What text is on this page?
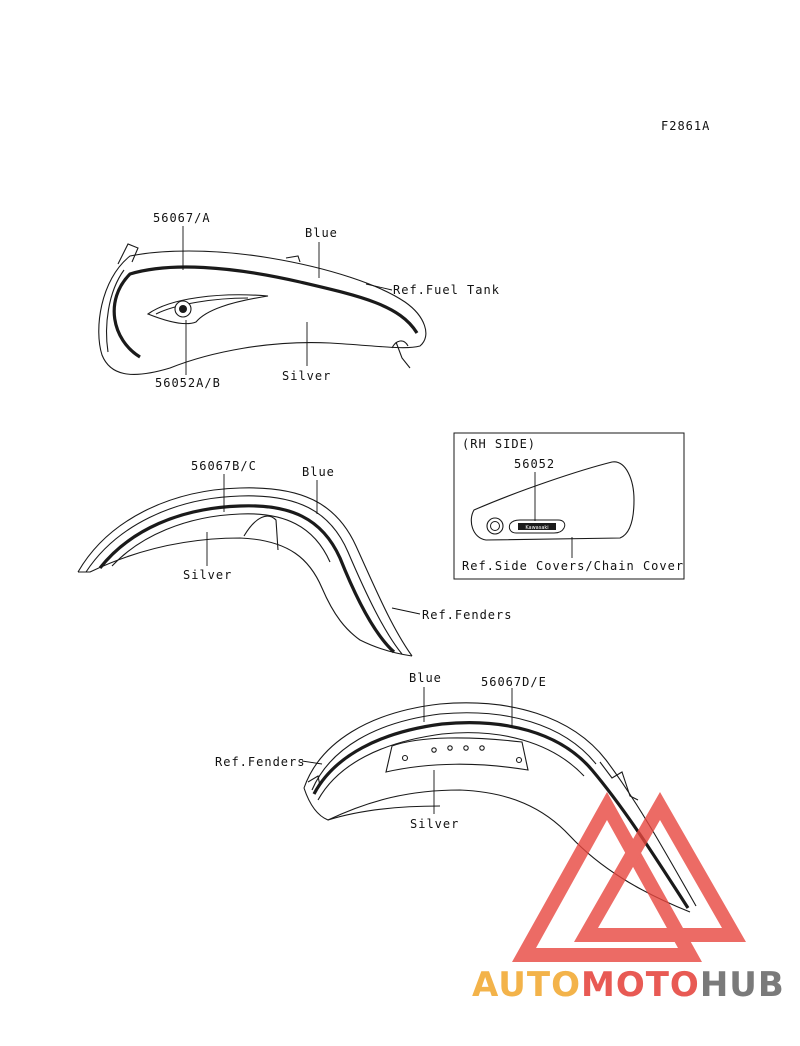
F2861A
56067/A
Blue
Ref.Fuel Tank
56052A/B	Silver
56067B/C	Blue
Silver
Ref.Fenders
Kawasaki
(RH SIDE)
56052
Ref.Side Covers/Chain Cover
Blue	56067D/E
Ref.Fenders
Silver
AUTOMOTOHUB
